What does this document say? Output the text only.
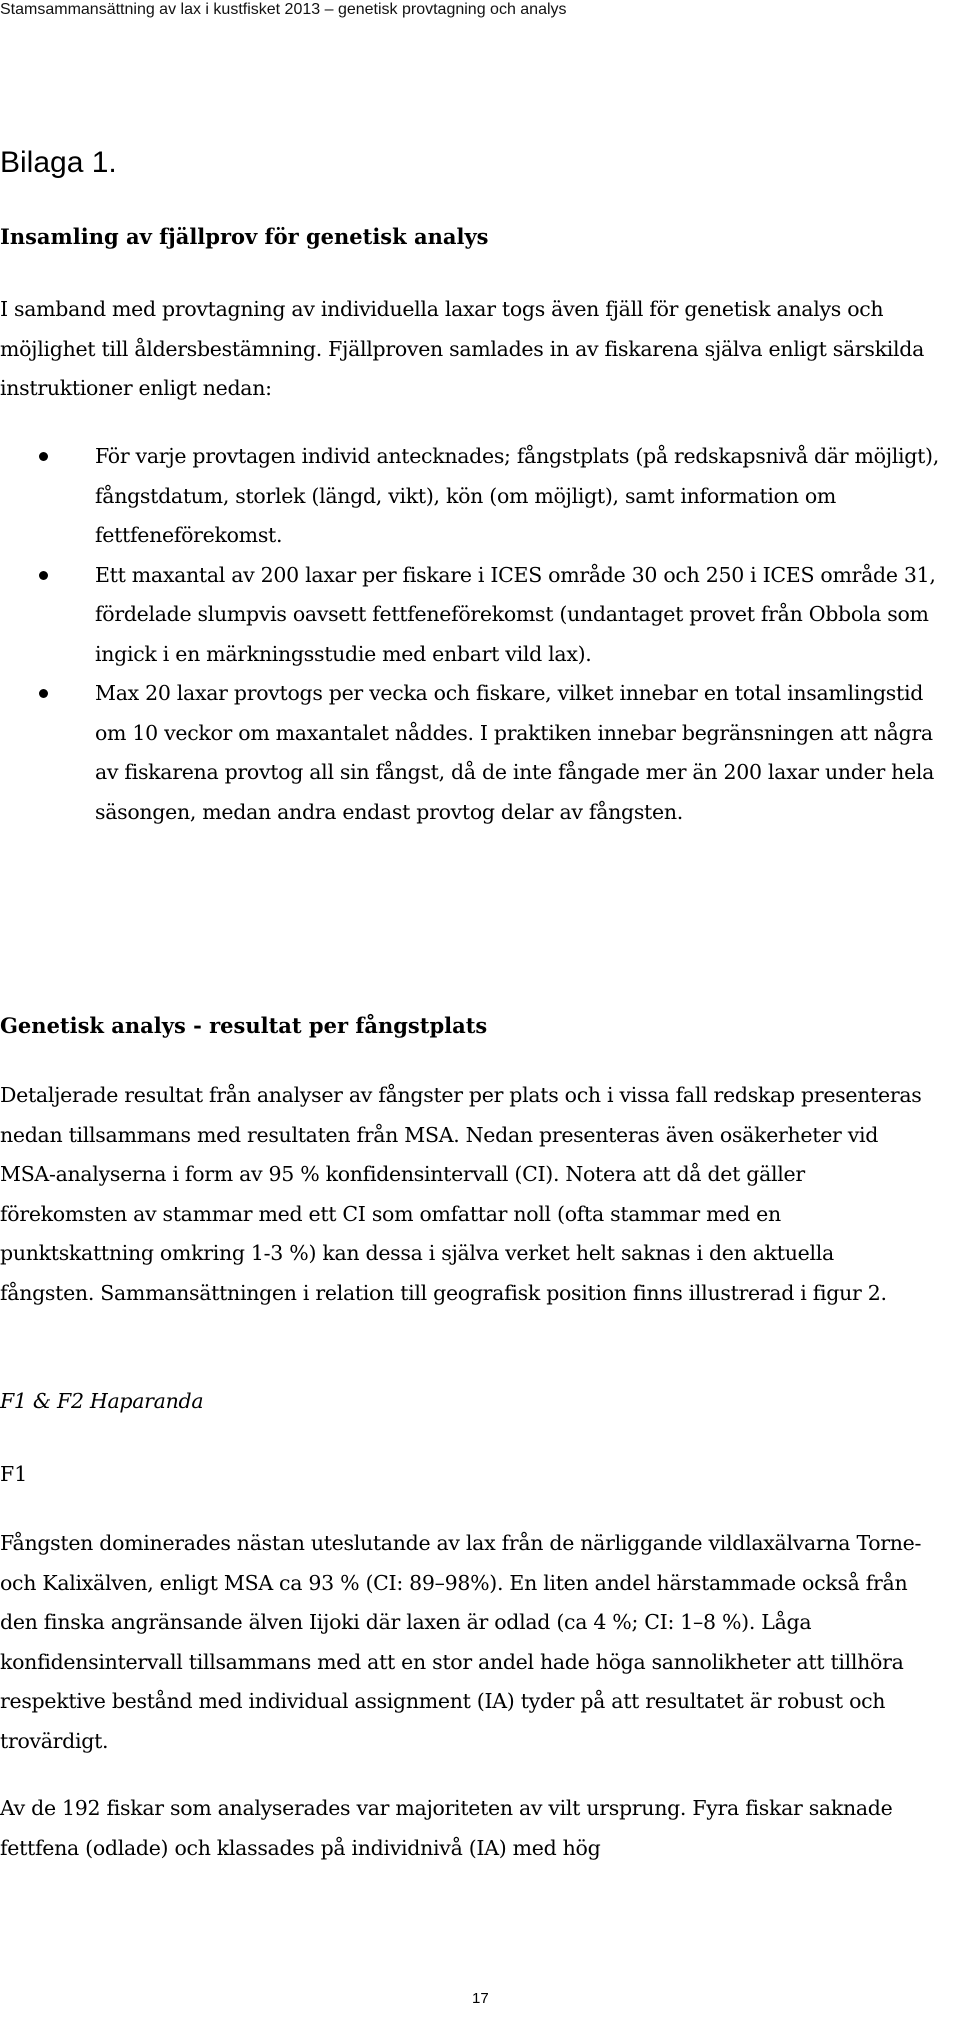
Stamsammansättning av lax i kustfisket 2013 – genetisk provtagning och analys
Bilaga 1.
Insamling av fjällprov för genetisk analys

I samband med provtagning av individuella laxar togs även fjäll för genetisk analys och möjlighet till åldersbestämning. Fjällproven samlades in av fiskarena själva enligt särskilda instruktioner enligt nedan:

För varje provtagen individ antecknades; fångstplats (på redskapsnivå där möjligt), fångstdatum, storlek (längd, vikt), kön (om möjligt), samt information om fettfeneförekomst.
Ett maxantal av 200 laxar per fiskare i ICES område 30 och 250 i ICES område 31, fördelade slumpvis oavsett fettfeneförekomst (undantaget provet från Obbola som ingick i en märkningsstudie med enbart vild lax).
Max 20 laxar provtogs per vecka och fiskare, vilket innebar en total insamlingstid om 10 veckor om maxantalet nåddes. I praktiken innebar begränsningen att några av fiskarena provtog all sin fångst, då de inte fångade mer än 200 laxar under hela säsongen, medan andra endast provtog delar av fångsten.
Genetisk analys - resultat per fångstplats

Detaljerade resultat från analyser av fångster per plats och i vissa fall redskap presenteras nedan tillsammans med resultaten från MSA. Nedan presenteras även osäkerheter vid MSA-analyserna i form av 95 % konfidensintervall (CI). Notera att då det gäller förekomsten av stammar med ett CI som omfattar noll (ofta stammar med en punktskattning omkring 1-3 %) kan dessa i själva verket helt saknas i den aktuella fångsten. Sammansättningen i relation till geografisk position finns illustrerad i figur 2.

F1 & F2 Haparanda
F1

Fångsten dominerades nästan uteslutande av lax från de närliggande vildlaxälvarna Torne- och Kalixälven, enligt MSA ca 93 % (CI: 89–98%). En liten andel härstammade också från den finska angränsande älven Iijoki där laxen är odlad (ca 4 %; CI: 1–8 %). Låga konfidensintervall tillsammans med att en stor andel hade höga sannolikheter att tillhöra respektive bestånd med individual assignment (IA) tyder på att resultatet är robust och trovärdigt.

Av de 192 fiskar som analyserades var majoriteten av vilt ursprung. Fyra fiskar saknade fettfena (odlade) och klassades på individnivå (IA) med hög

17
